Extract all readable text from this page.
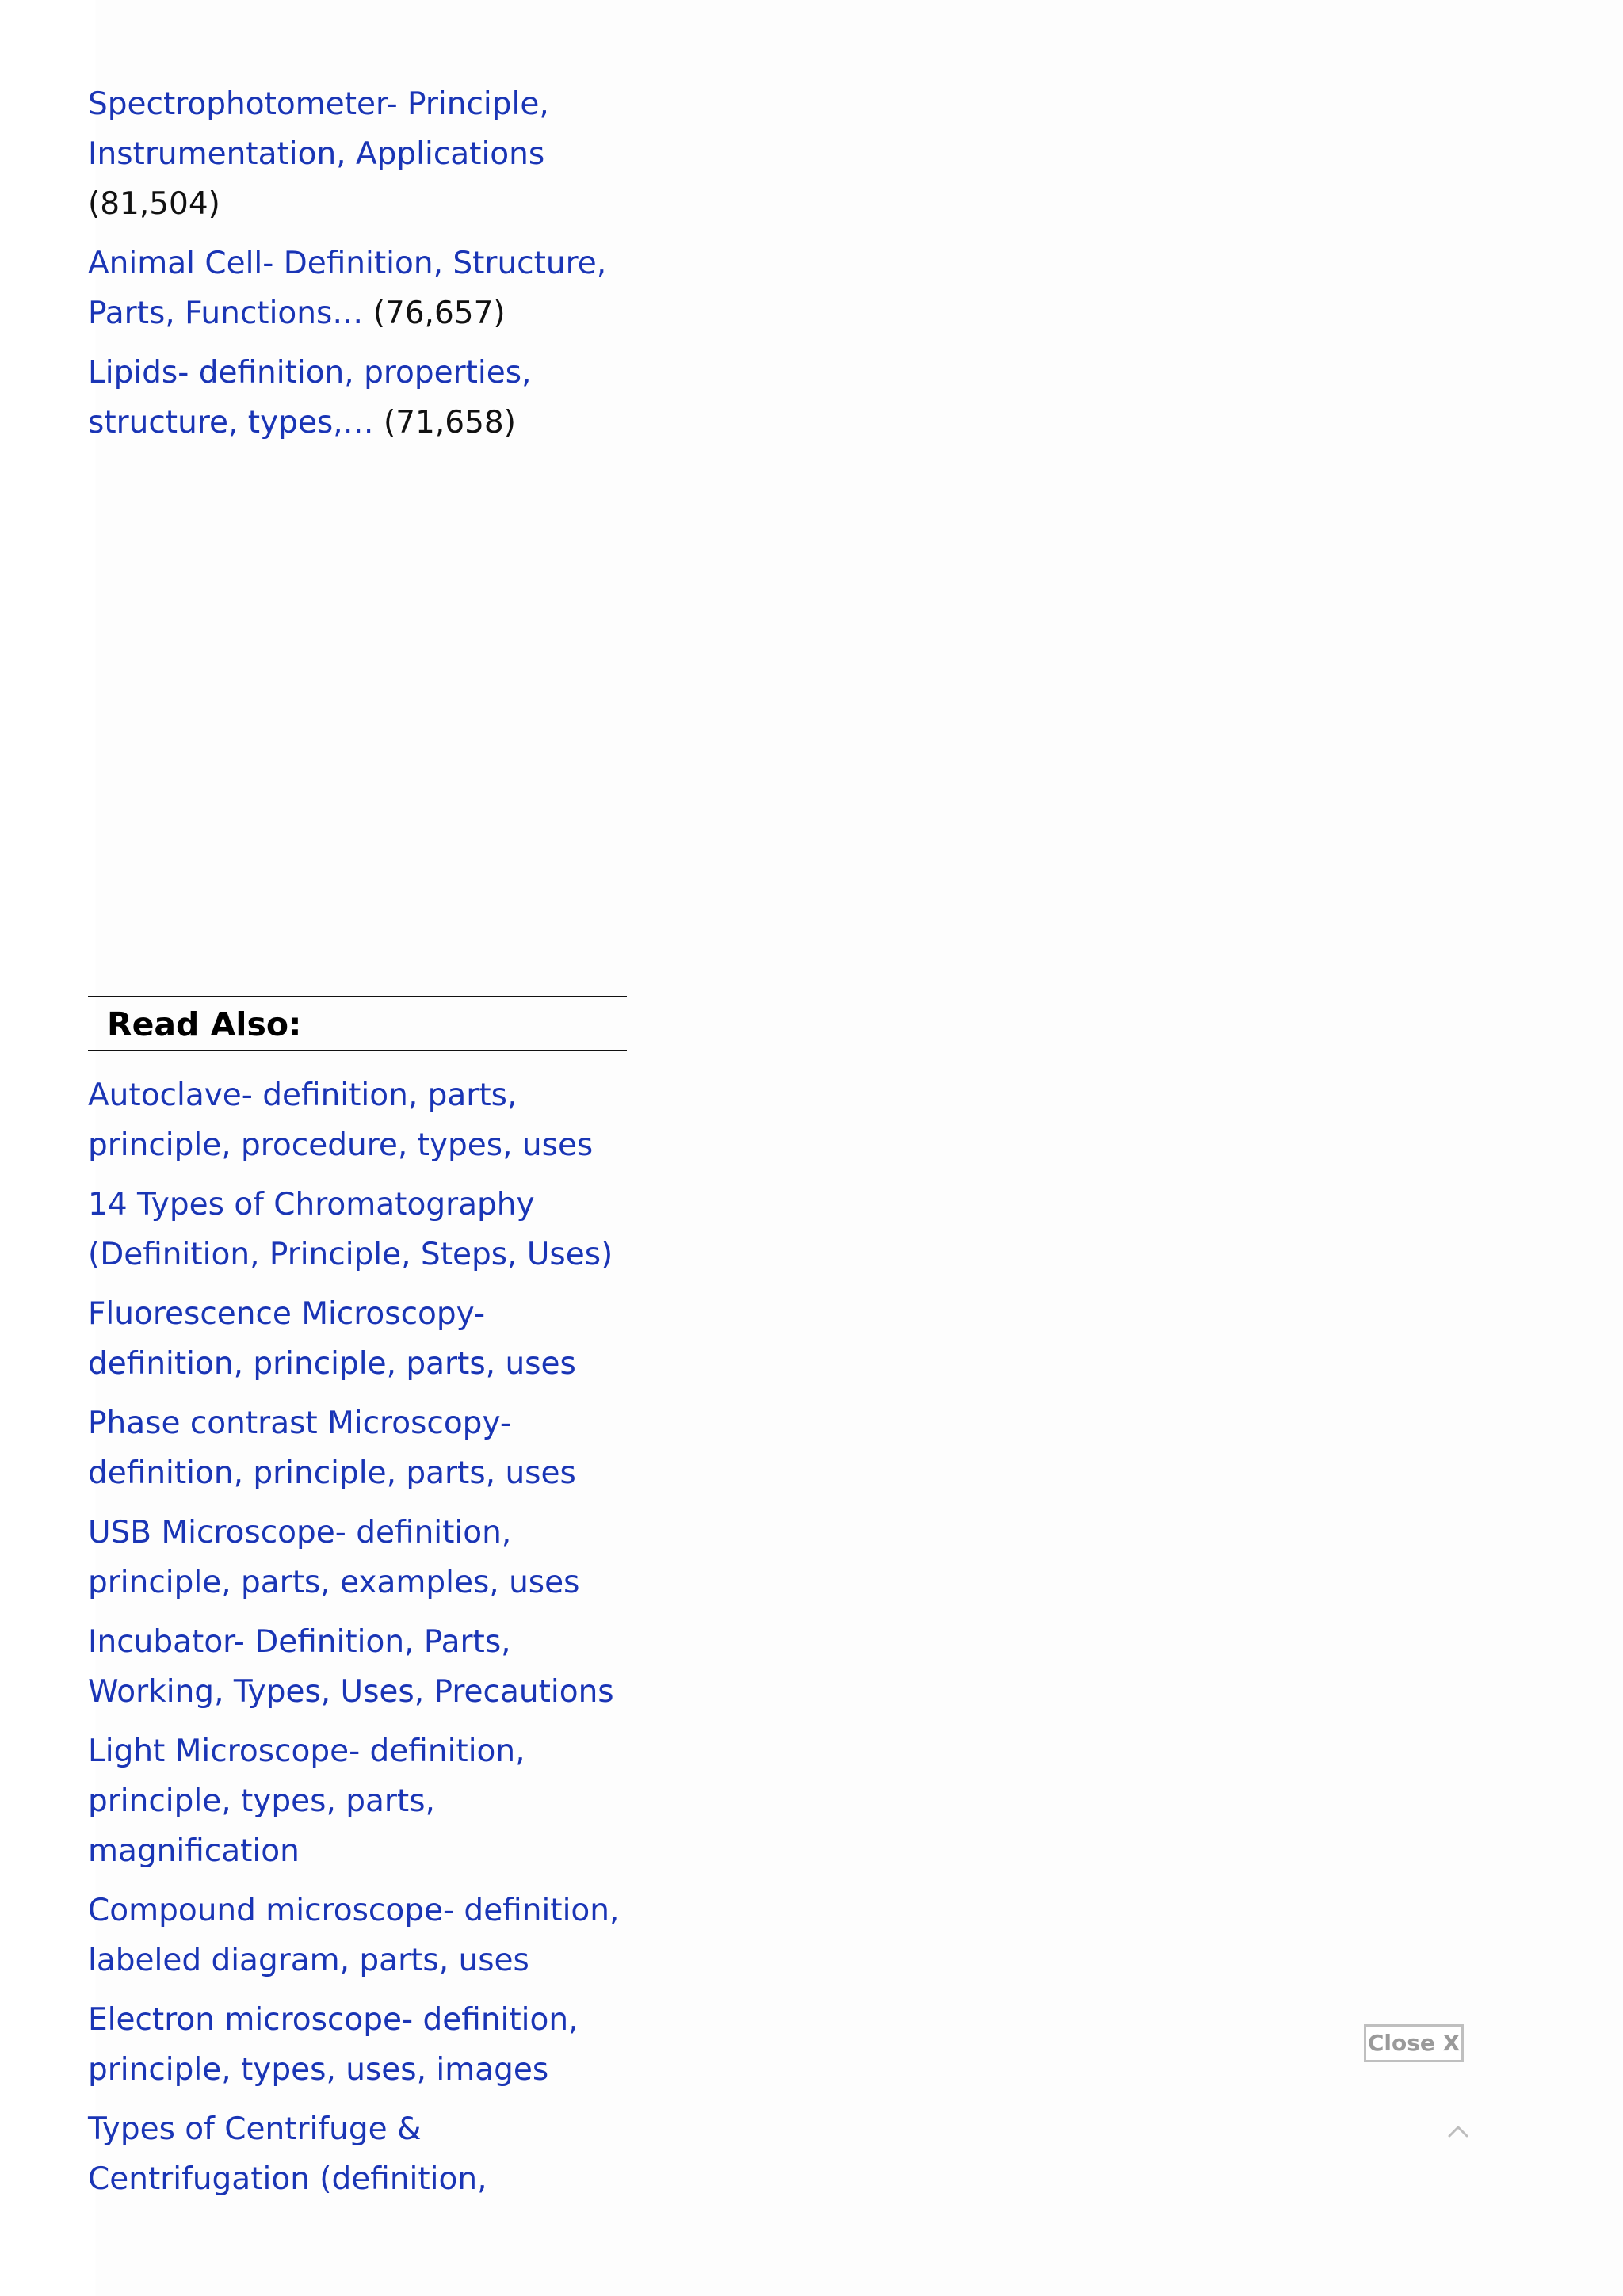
Spectrophotometer- Principle, Instrumentation, Applications (81,504)
Animal Cell- Definition, Structure, Parts, Functions… (76,657)
Lipids- definition, properties, structure, types,… (71,658)
Read Also:
Autoclave- definition, parts, principle, procedure, types, uses
14 Types of Chromatography (Definition, Principle, Steps, Uses)
Fluorescence Microscopy- definition, principle, parts, uses
Phase contrast Microscopy- definition, principle, parts, uses
USB Microscope- definition, principle, parts, examples, uses
Incubator- Definition, Parts, Working, Types, Uses, Precautions
Light Microscope- definition, principle, types, parts, magnification
Compound microscope- definition, labeled diagram, parts, uses
Electron microscope- definition, principle, types, uses, images
Types of Centrifuge & Centrifugation (definition,
Close X
